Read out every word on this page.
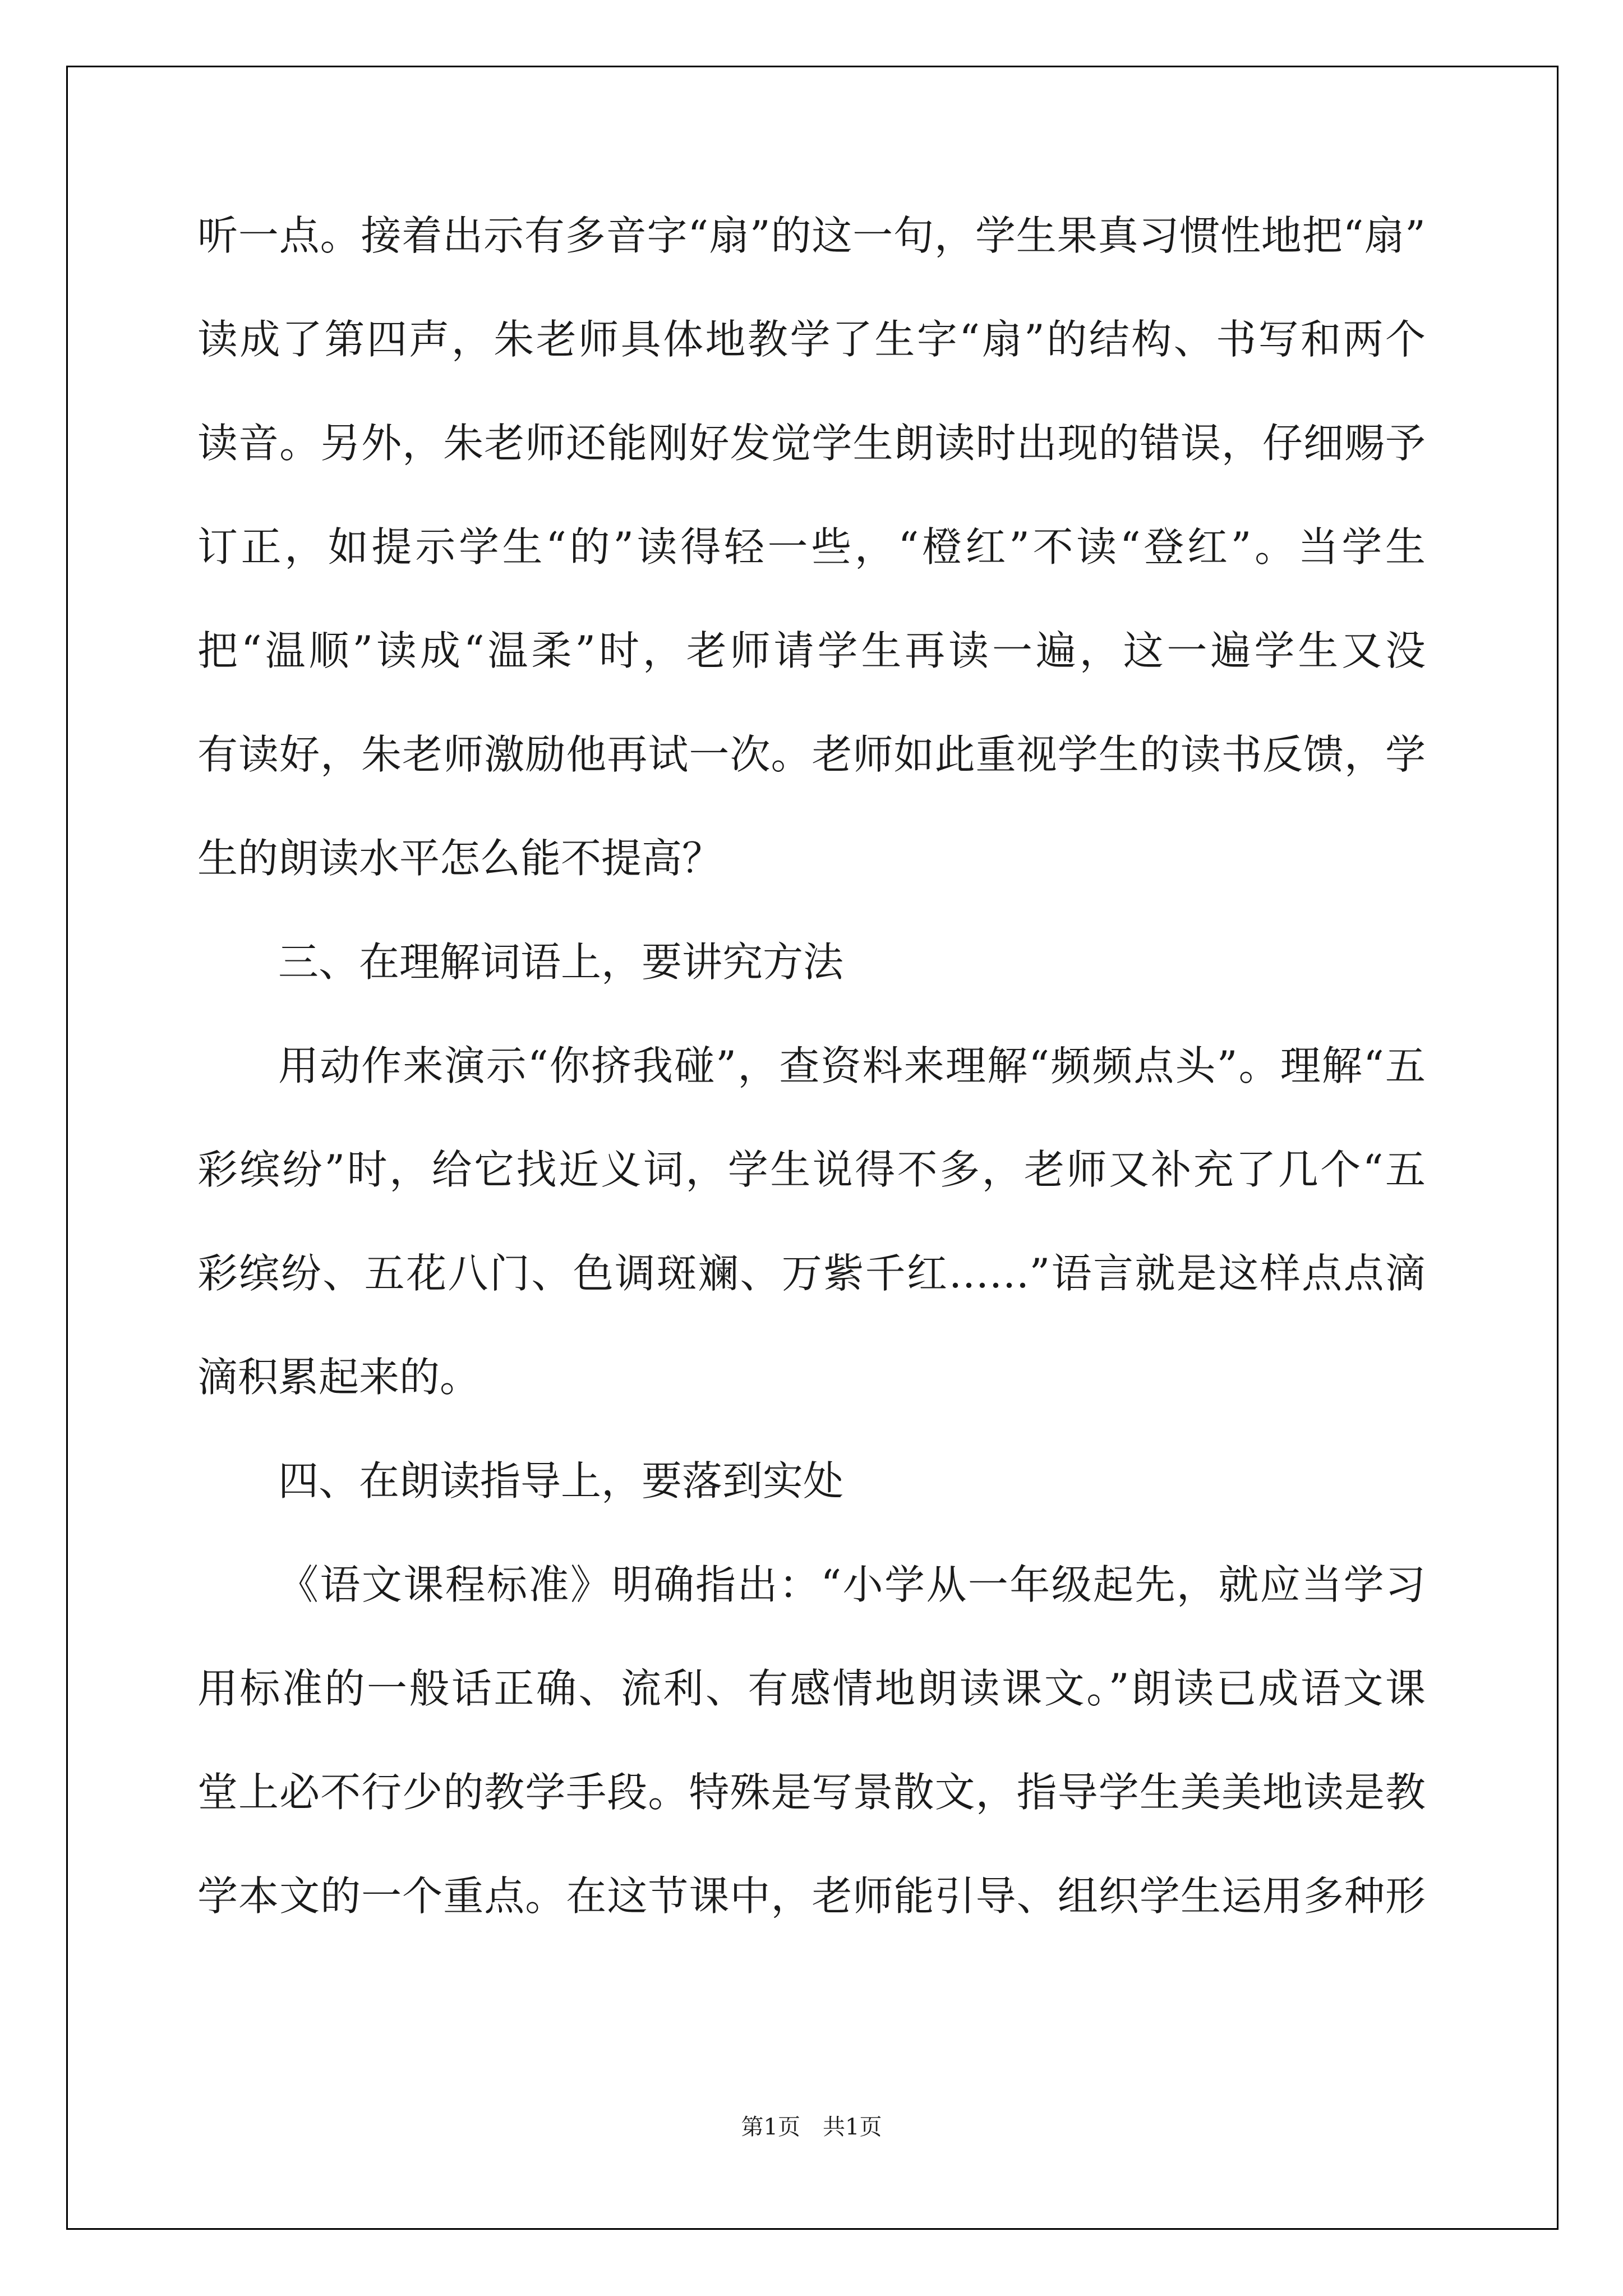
听一点。接着出示有多音字“扇”的这一句，学生果真习惯性地把“扇”
读成了第四声，朱老师具体地教学了生字“扇”的结构、书写和两个
读音。另外，朱老师还能刚好发觉学生朗读时出现的错误，仔细赐予
订正，如提示学生“的”读得轻一些，“橙红”不读“登红”。当学生
把“温顺”读成“温柔”时，老师请学生再读一遍，这一遍学生又没
有读好，朱老师激励他再试一次。老师如此重视学生的读书反馈，学
生的朗读水平怎么能不提高？
三、在理解词语上，要讲究方法
用动作来演示“你挤我碰”，查资料来理解“频频点头”。理解“五
彩缤纷”时，给它找近义词，学生说得不多，老师又补充了几个“五
彩缤纷、五花八门、色调斑斓、万紫千红……”语言就是这样点点滴
滴积累起来的。
四、在朗读指导上，要落到实处
《语文课程标准》明确指出：“小学从一年级起先，就应当学习
用标准的一般话正确、流利、有感情地朗读课文。”朗读已成语文课
堂上必不行少的教学手段。特殊是写景散文，指导学生美美地读是教
学本文的一个重点。在这节课中，老师能引导、组织学生运用多种形
第1页　共1页
